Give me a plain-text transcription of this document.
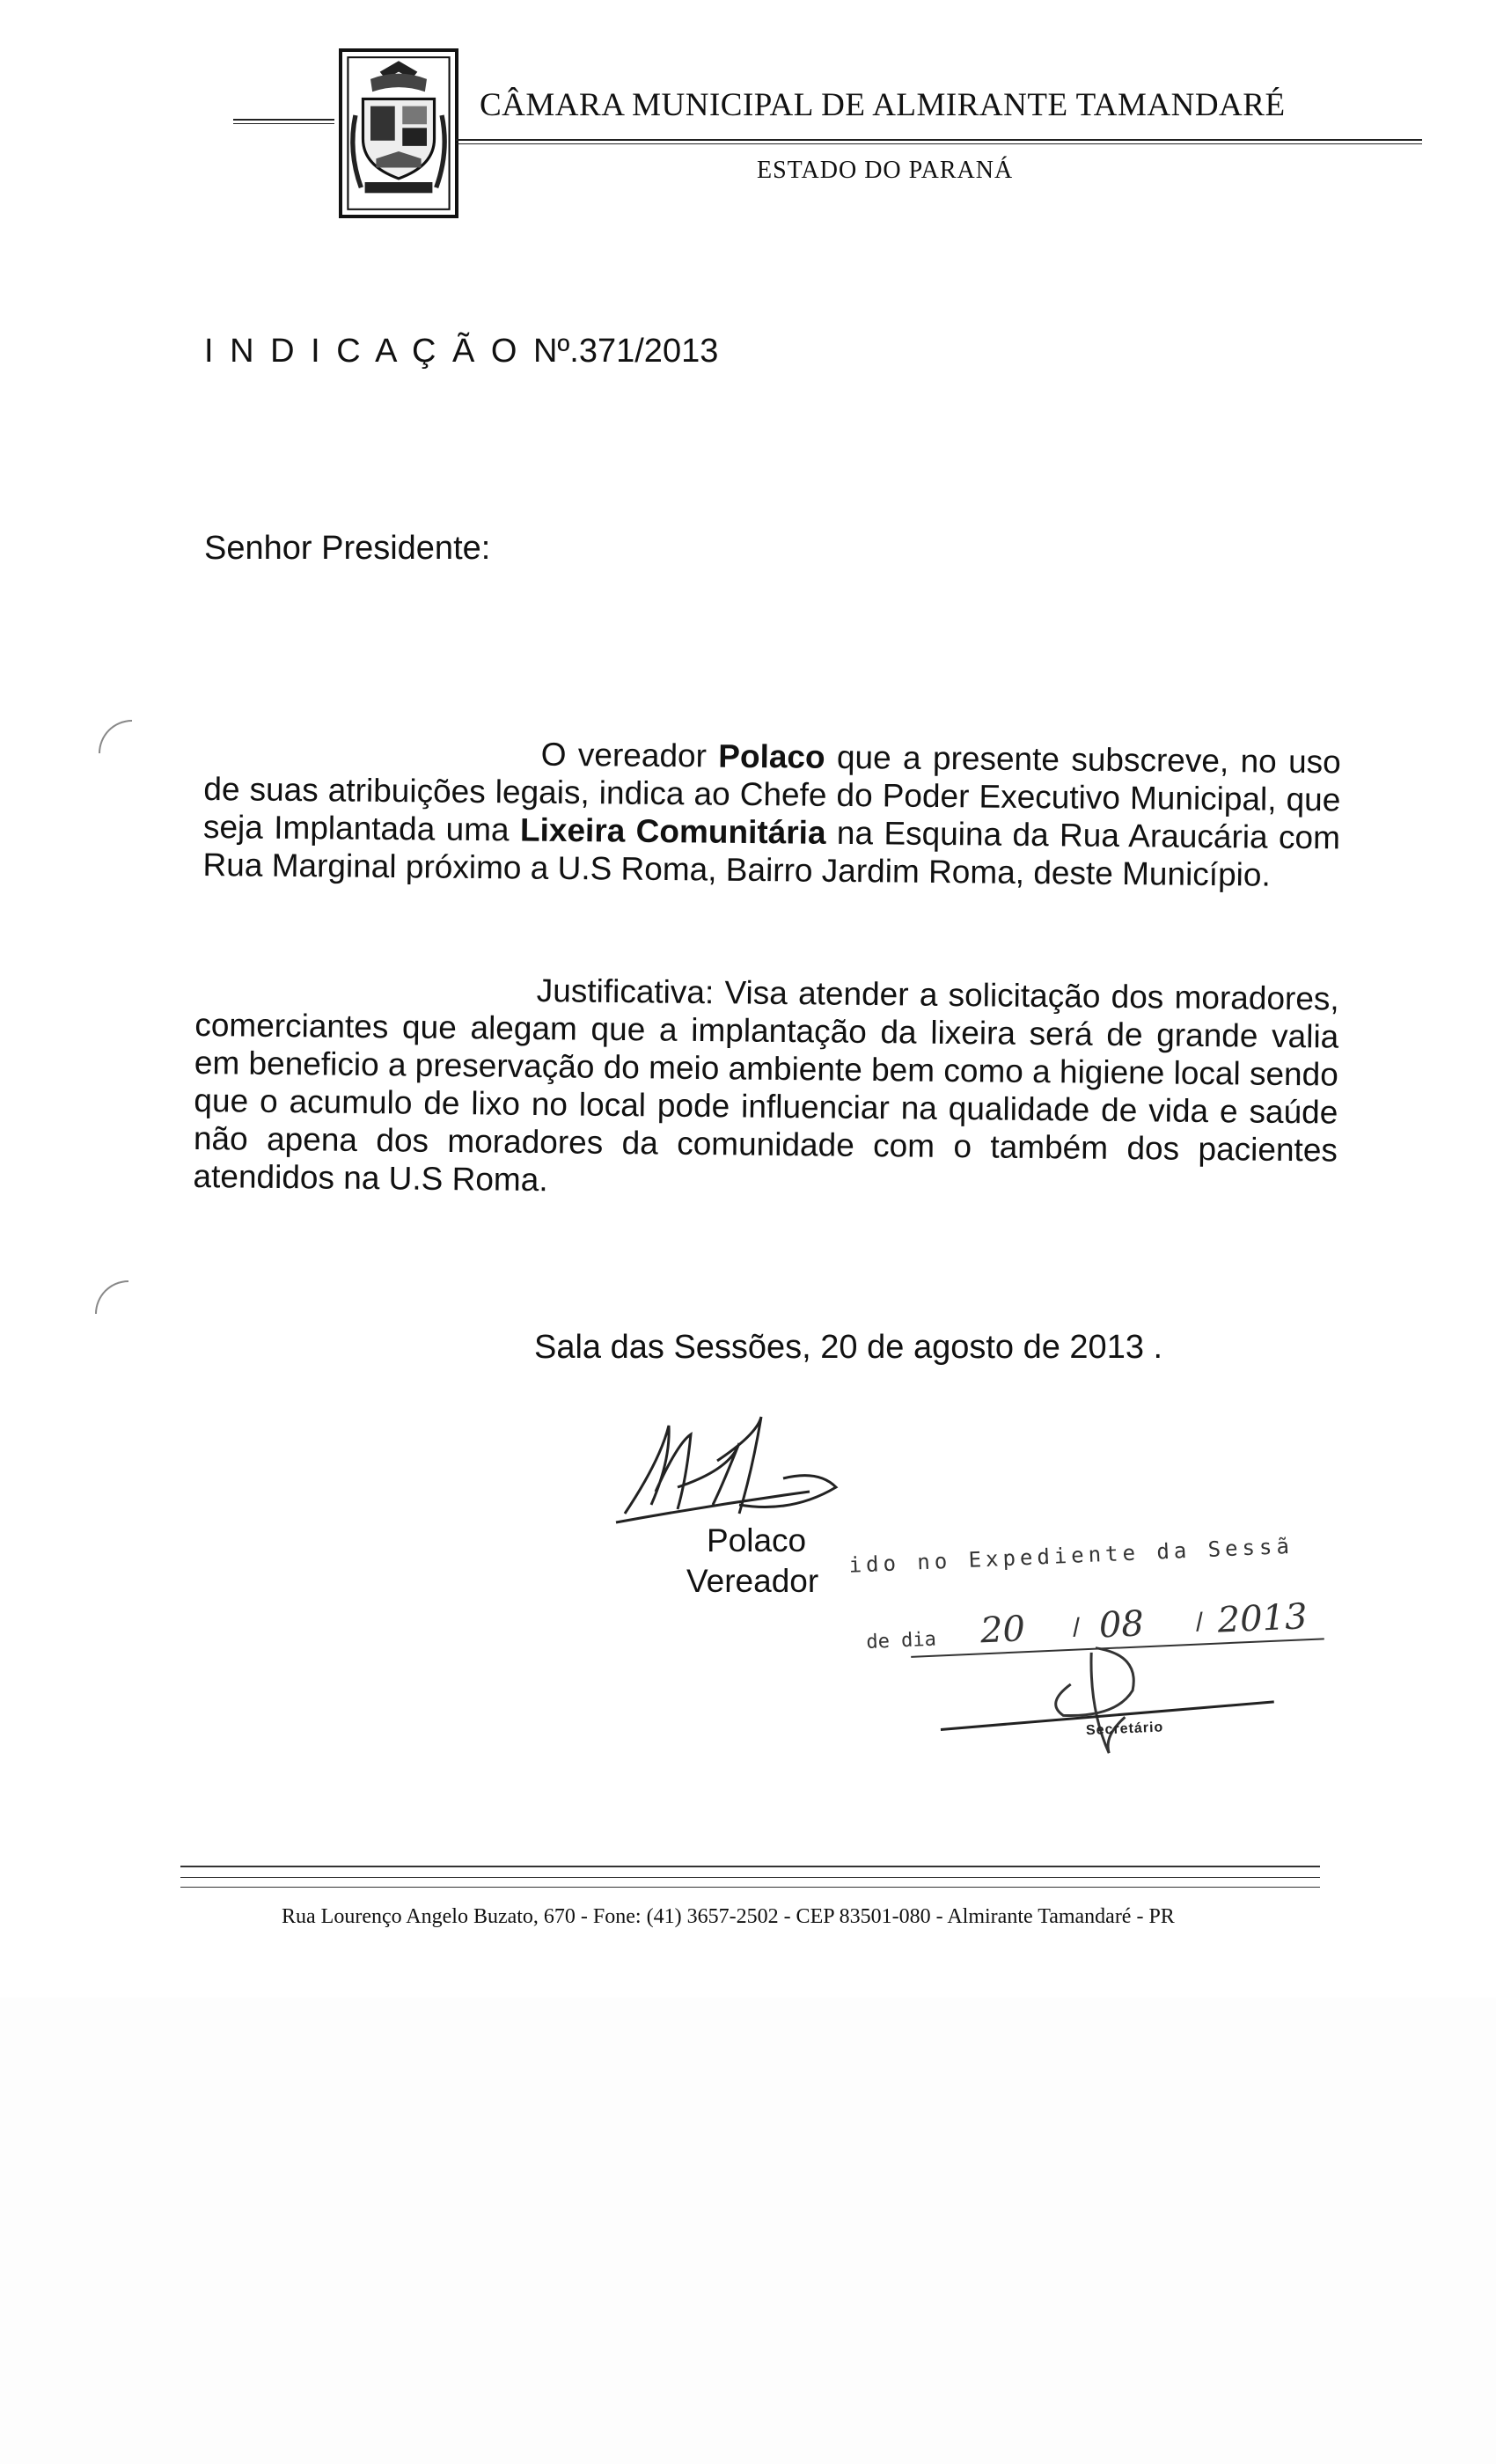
CÂMARA MUNICIPAL DE ALMIRANTE TAMANDARÉ
ESTADO DO PARANÁ
I N D I C A Ç Ã O Nº.371/2013
Senhor Presidente:
O vereador Polaco que a presente subscreve, no uso de suas atribuições legais, indica ao Chefe do Poder Executivo Municipal, que seja Implantada uma Lixeira Comunitária na Esquina da Rua Araucária com Rua Marginal próximo a U.S Roma, Bairro Jardim Roma, deste Município.
Justificativa: Visa atender a solicitação dos moradores, comerciantes que alegam que a implantação da lixeira será de grande valia em beneficio a preservação do meio ambiente bem como a higiene local sendo que o acumulo de lixo no local pode influenciar na qualidade de vida e saúde não apena dos moradores da comunidade com o também dos pacientes atendidos na U.S Roma.
Sala das Sessões, 20 de agosto de 2013 .
Polaco
Vereador
ido no Expediente da Sessã
de dia 20 / 08 / 2013
Secretário
Rua Lourenço Angelo Buzato, 670 - Fone: (41) 3657-2502 - CEP 83501-080 - Almirante Tamandaré - PR
